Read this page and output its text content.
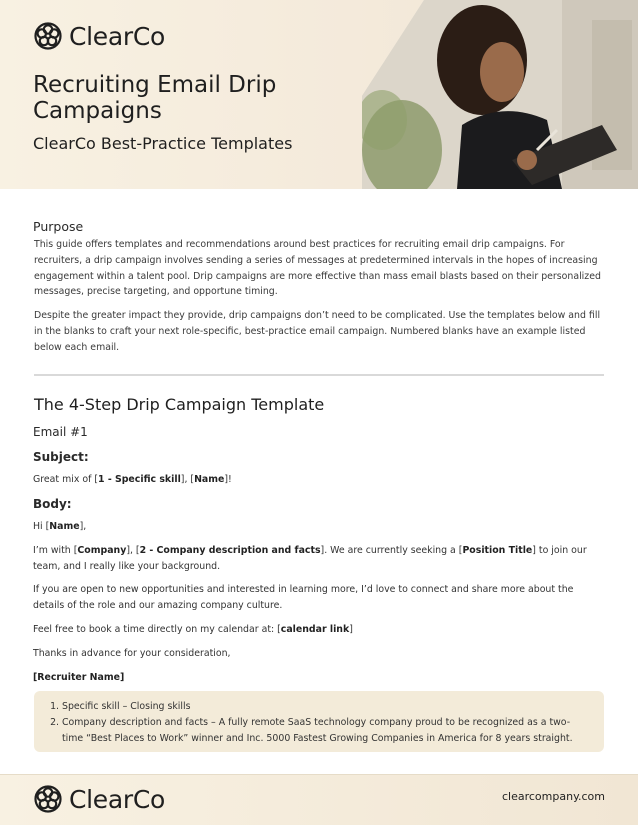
ClearCo
Recruiting Email Drip Campaigns
ClearCo Best-Practice Templates
Purpose
This guide offers templates and recommendations around best practices for recruiting email drip campaigns. For recruiters, a drip campaign involves sending a series of messages at predetermined intervals in the hopes of increasing engagement within a talent pool. Drip campaigns are more effective than mass email blasts based on their personalized messages, precise targeting, and opportune timing.
Despite the greater impact they provide, drip campaigns don’t need to be complicated. Use the templates below and fill in the blanks to craft your next role-specific, best-practice email campaign. Numbered blanks have an example listed below each email.
The 4-Step Drip Campaign Template
Email #1
Subject:
Great mix of [1 - Specific skill], [Name]!
Body:
Hi [Name],
I’m with [Company], [2 - Company description and facts]. We are currently seeking a [Position Title] to join our team, and I really like your background.
If you are open to new opportunities and interested in learning more, I’d love to connect and share more about the details of the role and our amazing company culture.
Feel free to book a time directly on my calendar at: [calendar link]
Thanks in advance for your consideration,
[Recruiter Name]
1. Specific skill – Closing skills
2. Company description and facts – A fully remote SaaS technology company proud to be recognized as a two-time “Best Places to Work” winner and Inc. 5000 Fastest Growing Companies in America for 8 years straight.
ClearCo	clearcompany.com
